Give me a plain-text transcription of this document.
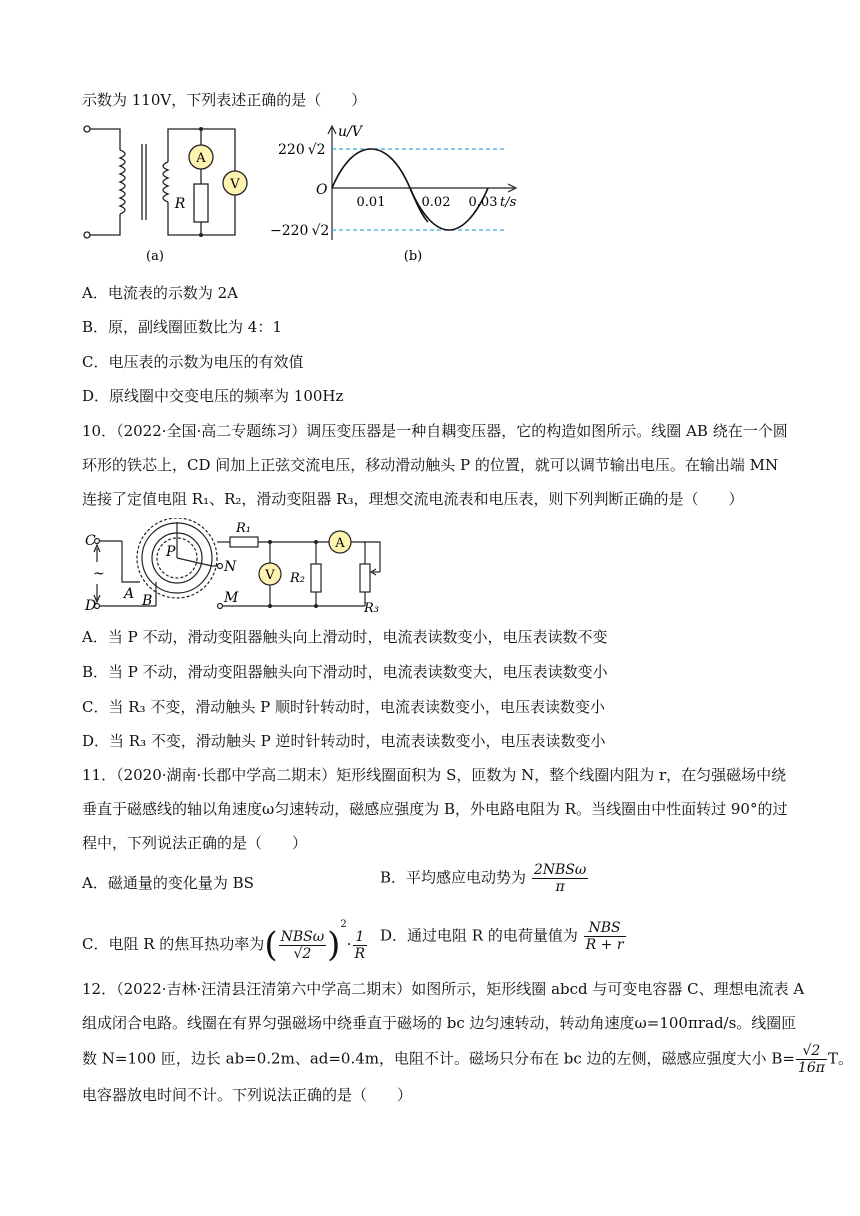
示数为 110V，下列表述正确的是（　　）
A
V
R
(a)
u/V
O
220 √2
−220 √2
0.01	0.02 0.03 t/s
(b)
A．电流表的示数为 2A
B．原，副线圈匝数比为 4：1
C．电压表的示数为电压的有效值
D．原线圈中交变电压的频率为 100Hz
10．（2022·全国·高二专题练习）调压变压器是一种自耦变压器，它的构造如图所示。线圈 AB 绕在一个圆
环形的铁芯上，CD 间加上正弦交流电压，移动滑动触头 P 的位置，就可以调节输出电压。在输出端 MN
连接了定值电阻 R₁、R₂，滑动变阻器 R₃，理想交流电流表和电压表，则下列判断正确的是（　　）
C
D
~
A B
P
N
M
R₁
R₂
R₃
A
V
A．当 P 不动，滑动变阻器触头向上滑动时，电流表读数变小，电压表读数不变
B．当 P 不动，滑动变阻器触头向下滑动时，电流表读数变大，电压表读数变小
C．当 R₃ 不变，滑动触头 P 顺时针转动时，电流表读数变小，电压表读数变小
D．当 R₃ 不变，滑动触头 P 逆时针转动时，电流表读数变小，电压表读数变小
11．（2020·湖南·长郡中学高二期末）矩形线圈面积为 S，匝数为 N，整个线圈内阻为 r，在匀强磁场中绕
垂直于磁感线的轴以角速度ω匀速转动，磁感应强度为 B，外电路电阻为 R。当线圈由中性面转过 90°的过
程中，下列说法正确的是（　　）
A．磁通量的变化量为 BS	B．平均感应电动势为 $\frac{\text{2NBSω}}{\pi}$
C．电阻 R 的焦耳热功率为( $\frac{\text{NBSω}}{√2} )^2\cdot \frac{1}{R}$ D．通过电阻 R 的电荷量值为 $\frac{\text{NBS}}{R + r}$
12．（2022·吉林·汪清县汪清第六中学高二期末）如图所示，矩形线圈 abcd 与可变电容器 C、理想电流表 A
组成闭合电路。线圈在有界匀强磁场中绕垂直于磁场的 bc 边匀速转动，转动角速度ω=100πrad/s。线圈匝
数 N=100 匝，边长 ab=0.2m、ad=0.4m，电阻不计。磁场只分布在 bc 边的左侧，磁感应强度大小 $B= \frac{√2}{16\pi}$ T。
电容器放电时间不计。下列说法正确的是（　　）
